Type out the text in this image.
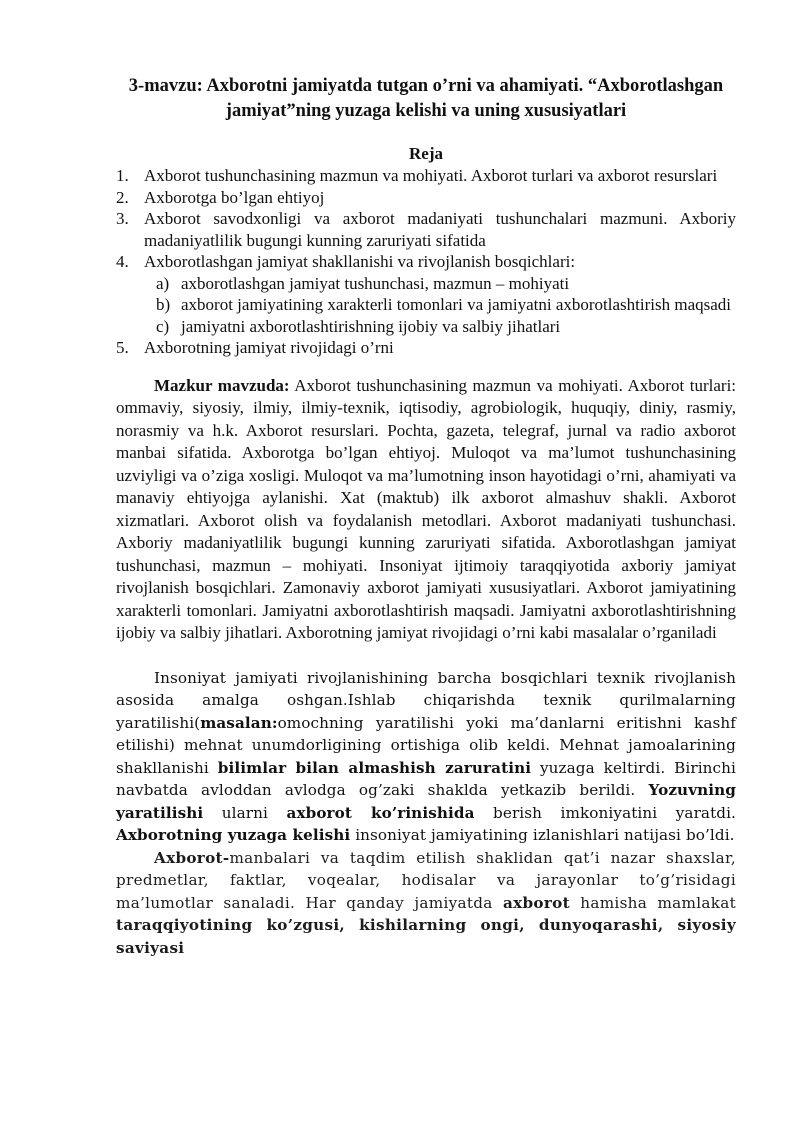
3-mavzu: Axborotni jamiyatda tutgan o’rni va ahamiyati. “Axborotlashgan jamiyat”ning yuzaga kelishi va uning xususiyatlari
Reja
1. Axborot tushunchasining mazmun va mohiyati. Axborot turlari va axborot resurslari
2. Axborotga bo’lgan ehtiyoj
3. Axborot savodxonligi va axborot madaniyati tushunchalari mazmuni. Axboriy madaniyatlilik bugungi kunning zaruriyati sifatida
4. Axborotlashgan jamiyat shakllanishi va rivojlanish bosqichlari:
a) axborotlashgan jamiyat tushunchasi, mazmun – mohiyati
b) axborot jamiyatining xarakterli tomonlari va jamiyatni axborotlashtirish maqsadi
c) jamiyatni axborotlashtirishning ijobiy va salbiy jihatlari
5. Axborotning jamiyat rivojidagi o’rni

Mazkur mavzuda: Axborot tushunchasining mazmun va mohiyati. Axborot turlari: ommaviy, siyosiy, ilmiy, ilmiy-texnik, iqtisodiy, agrobiologik, huquqiy, diniy, rasmiy, norasmiy va h.k. Axborot resurslari. Pochta, gazeta, telegraf, jurnal va radio axborot manbai sifatida. Axborotga bo’lgan ehtiyoj. Muloqot va ma’lumot tushunchasining uzviyligi va o’ziga xosligi. Muloqot va ma’lumotning inson hayotidagi o’rni, ahamiyati va manaviy ehtiyojga aylanishi. Xat (maktub) ilk axborot almashuv shakli. Axborot xizmatlari. Axborot olish va foydalanish metodlari. Axborot madaniyati tushunchasi. Axboriy madaniyatlilik bugungi kunning zaruriyati sifatida. Axborotlashgan jamiyat tushunchasi, mazmun – mohiyati. Insoniyat ijtimoiy taraqqiyotida axboriy jamiyat rivojlanish bosqichlari. Zamonaviy axborot jamiyati xususiyatlari. Axborot jamiyatining xarakterli tomonlari. Jamiyatni axborotlashtirish maqsadi. Jamiyatni axborotlashtirishning ijobiy va salbiy jihatlari. Axborotning jamiyat rivojidagi o’rni kabi masalalar o’rganiladi

Insoniyat jamiyati rivojlanishining barcha bosqichlari texnik rivojlanish asosida amalga oshgan.Ishlab chiqarishda texnik qurilmalarning yaratilishi(masalan:omochning yaratilishi yoki ma’danlarni eritishni kashf etilishi) mehnat unumdorligining ortishiga olib keldi. Mehnat jamoalarining shakllanishi bilimlar bilan almashish zaruratini yuzaga keltirdi. Birinchi navbatda avloddan avlodga og’zaki shaklda yetkazib berildi. Yozuvning yaratilishi ularni axborot ko’rinishida berish imkoniyatini yaratdi. Axborotning yuzaga kelishi insoniyat jamiyatining izlanishlari natijasi bo’ldi.

Axborot-manbalari va taqdim etilish shaklidan qat’i nazar shaxslar, predmetlar, faktlar, voqealar, hodisalar va jarayonlar to’g’risidagi ma’lumotlar sanaladi. Har qanday jamiyatda axborot hamisha mamlakat taraqqiyotining ko’zgusi, kishilarning ongi, dunyoqarashi, siyosiy saviyasi
